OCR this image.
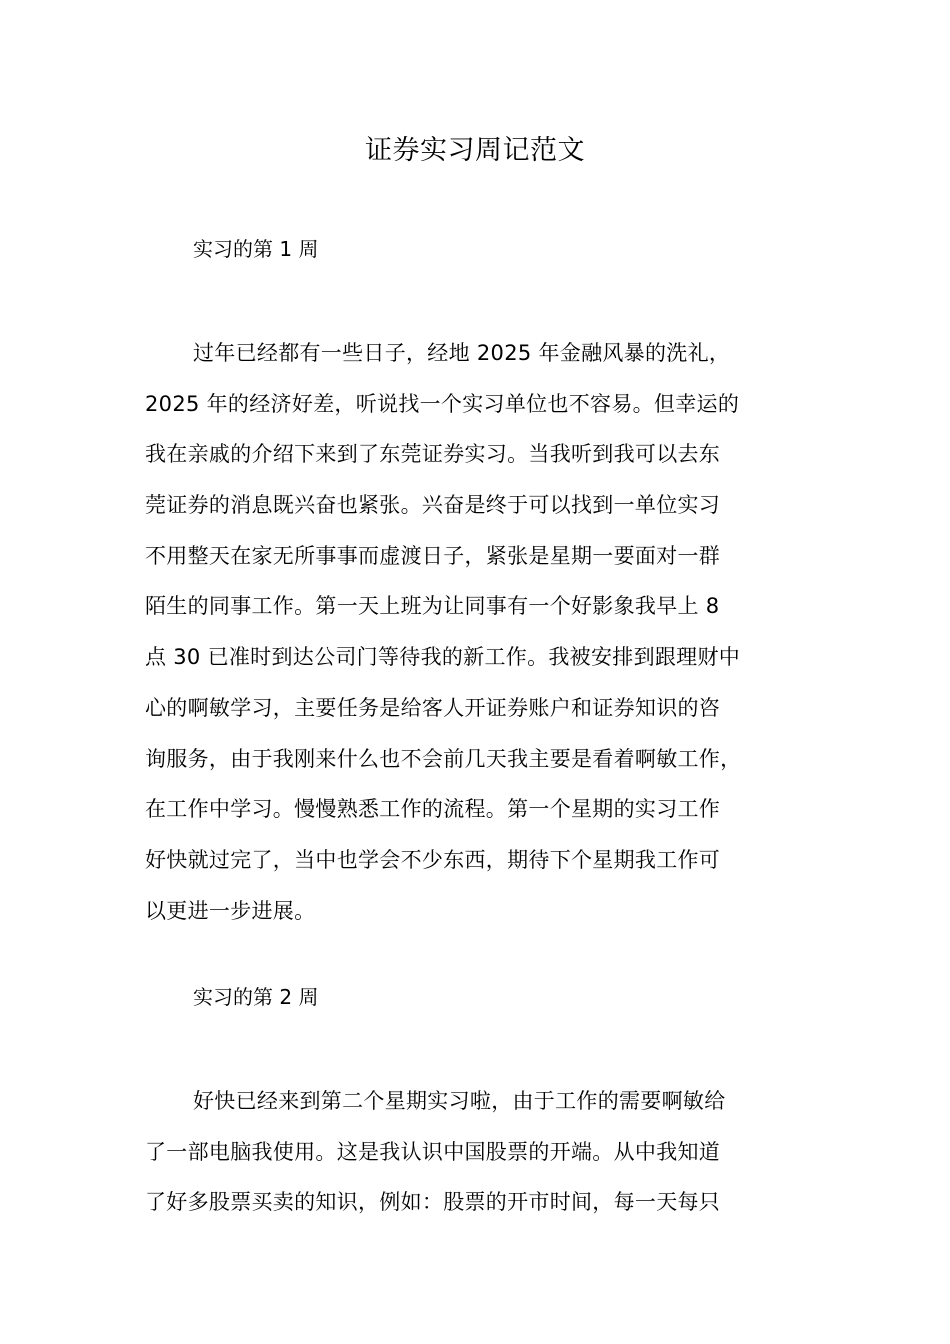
证券实习周记范文
实习的第 1 周
过年已经都有一些日子，经地 2025 年金融风暴的洗礼，
2025 年的经济好差，听说找一个实习单位也不容易。但幸运的
我在亲戚的介绍下来到了东莞证券实习。当我听到我可以去东
莞证券的消息既兴奋也紧张。兴奋是终于可以找到一单位实习
不用整天在家无所事事而虚渡日子，紧张是星期一要面对一群
陌生的同事工作。第一天上班为让同事有一个好影象我早上 8
点 30 已准时到达公司门等待我的新工作。我被安排到跟理财中
心的啊敏学习，主要任务是给客人开证券账户和证券知识的咨
询服务，由于我刚来什么也不会前几天我主要是看着啊敏工作，
在工作中学习。慢慢熟悉工作的流程。第一个星期的实习工作
好快就过完了，当中也学会不少东西，期待下个星期我工作可
以更进一步进展。
实习的第 2 周
好快已经来到第二个星期实习啦，由于工作的需要啊敏给
了一部电脑我使用。这是我认识中国股票的开端。从中我知道
了好多股票买卖的知识，例如：股票的开市时间，每一天每只
